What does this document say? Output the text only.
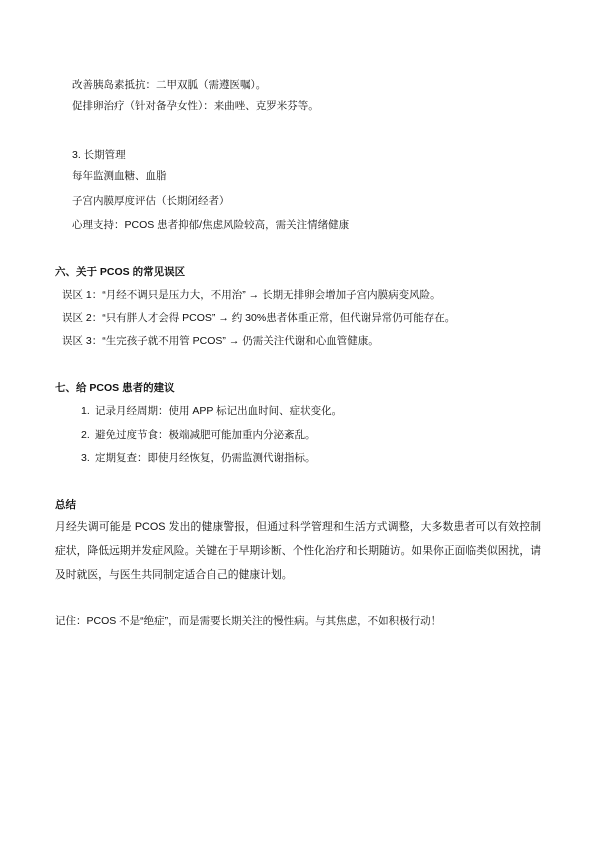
改善胰岛素抵抗：二甲双胍（需遵医嘱）。
促排卵治疗（针对备孕女性）：来曲唑、克罗米芬等。
3. 长期管理
每年监测血糖、血脂
子宫内膜厚度评估（长期闭经者）
心理支持：PCOS 患者抑郁/焦虑风险较高，需关注情绪健康
六、关于 PCOS 的常见误区
误区 1：“月经不调只是压力大，不用治” → 长期无排卵会增加子宫内膜病变风险。
误区 2：“只有胖人才会得 PCOS” → 约 30%患者体重正常，但代谢异常仍可能存在。
误区 3：“生完孩子就不用管 PCOS” → 仍需关注代谢和心血管健康。
七、给 PCOS 患者的建议
1. 记录月经周期：使用 APP 标记出血时间、症状变化。
2. 避免过度节食：极端减肥可能加重内分泌紊乱。
3. 定期复查：即使月经恢复，仍需监测代谢指标。
总结
月经失调可能是 PCOS 发出的健康警报，但通过科学管理和生活方式调整，大多数患者可以有效控制症状，降低远期并发症风险。关键在于早期诊断、个性化治疗和长期随访。如果你正面临类似困扰，请及时就医，与医生共同制定适合自己的健康计划。
记住：PCOS 不是“绝症”，而是需要长期关注的慢性病。与其焦虑，不如积极行动！
